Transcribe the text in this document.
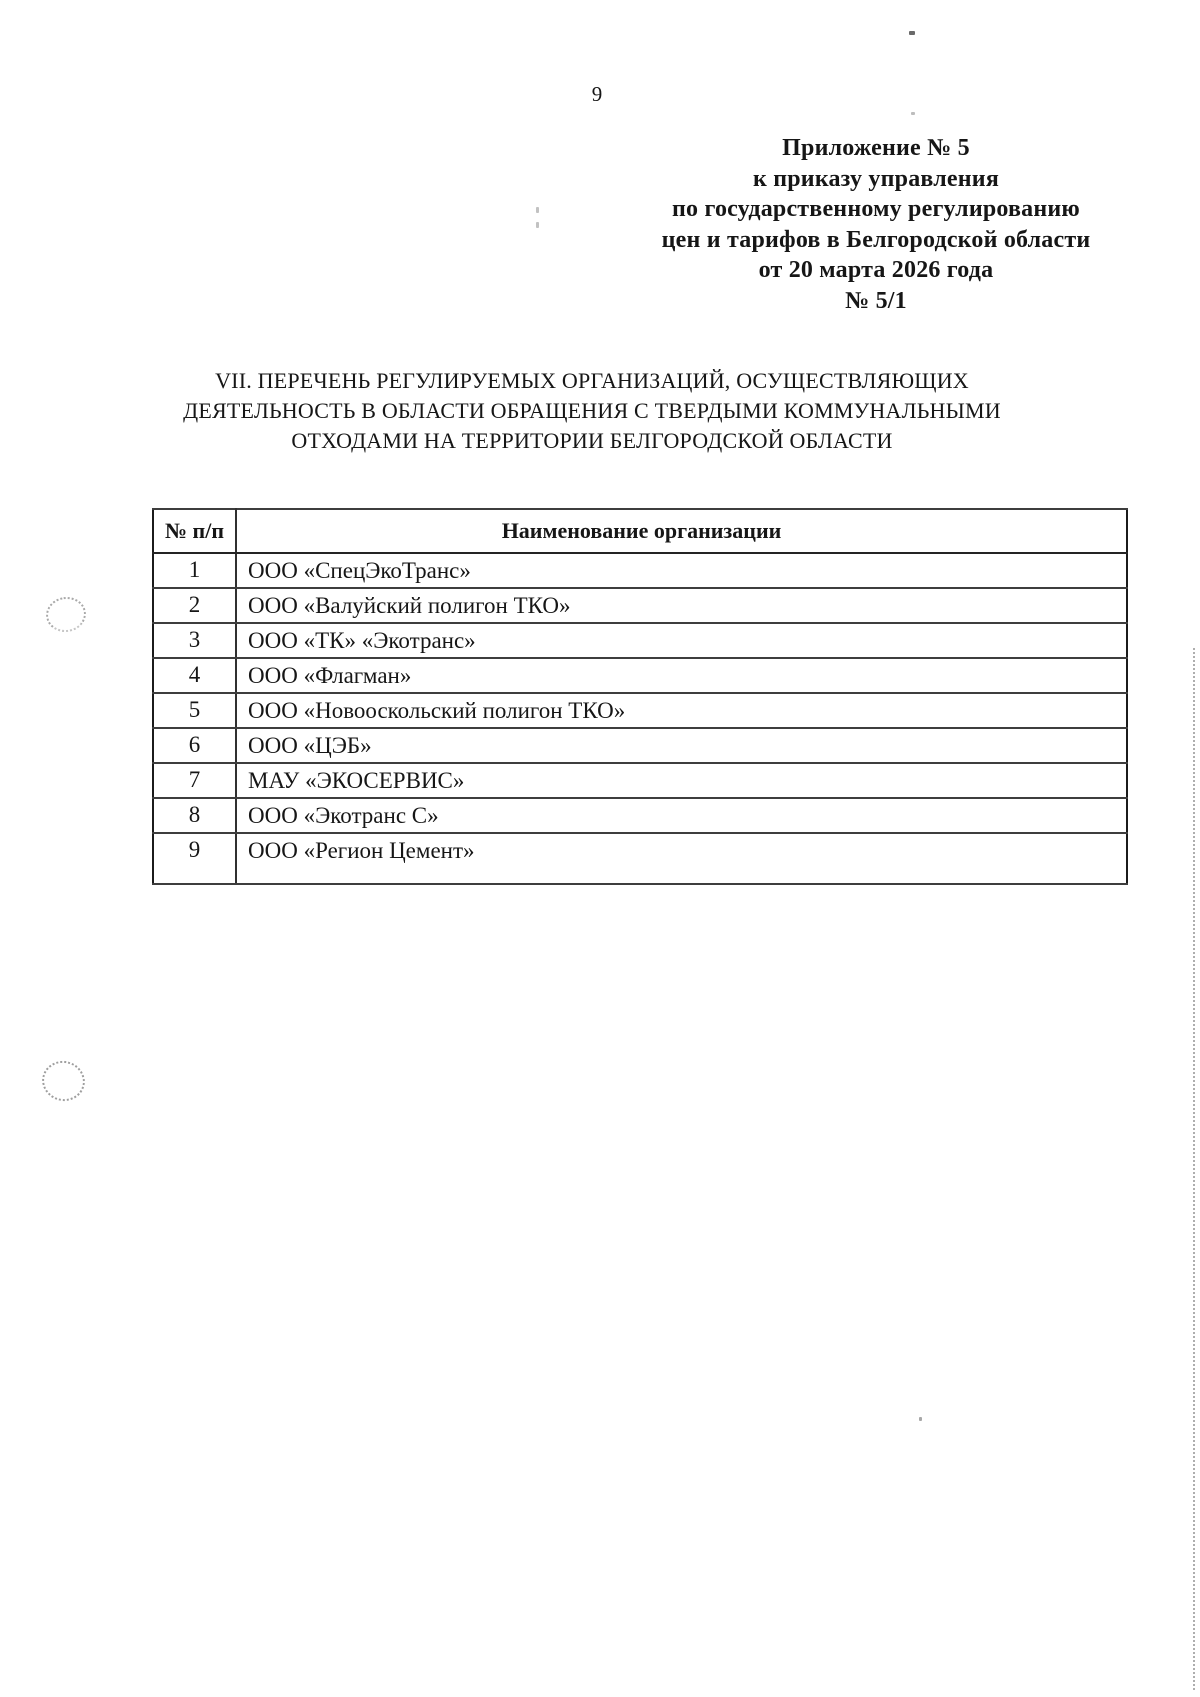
9
Приложение № 5
к приказу управления
по государственному регулированию
цен и тарифов в Белгородской области
от 20 марта 2026 года
№ 5/1
VII. ПЕРЕЧЕНЬ РЕГУЛИРУЕМЫХ ОРГАНИЗАЦИЙ, ОСУЩЕСТВЛЯЮЩИХ
ДЕЯТЕЛЬНОСТЬ В ОБЛАСТИ ОБРАЩЕНИЯ С ТВЕРДЫМИ КОММУНАЛЬНЫМИ
ОТХОДАМИ НА ТЕРРИТОРИИ БЕЛГОРОДСКОЙ ОБЛАСТИ
№ п/п	Наименование организации
1	ООО «СпецЭкоТранс»
2	ООО «Валуйский полигон ТКО»
3	ООО «ТК» «Экотранс»
4	ООО «Флагман»
5	ООО «Новооскольский полигон ТКО»
6	ООО «ЦЭБ»
7	МАУ «ЭКОСЕРВИС»
8	ООО «Экотранс С»
9	ООО «Регион Цемент»
